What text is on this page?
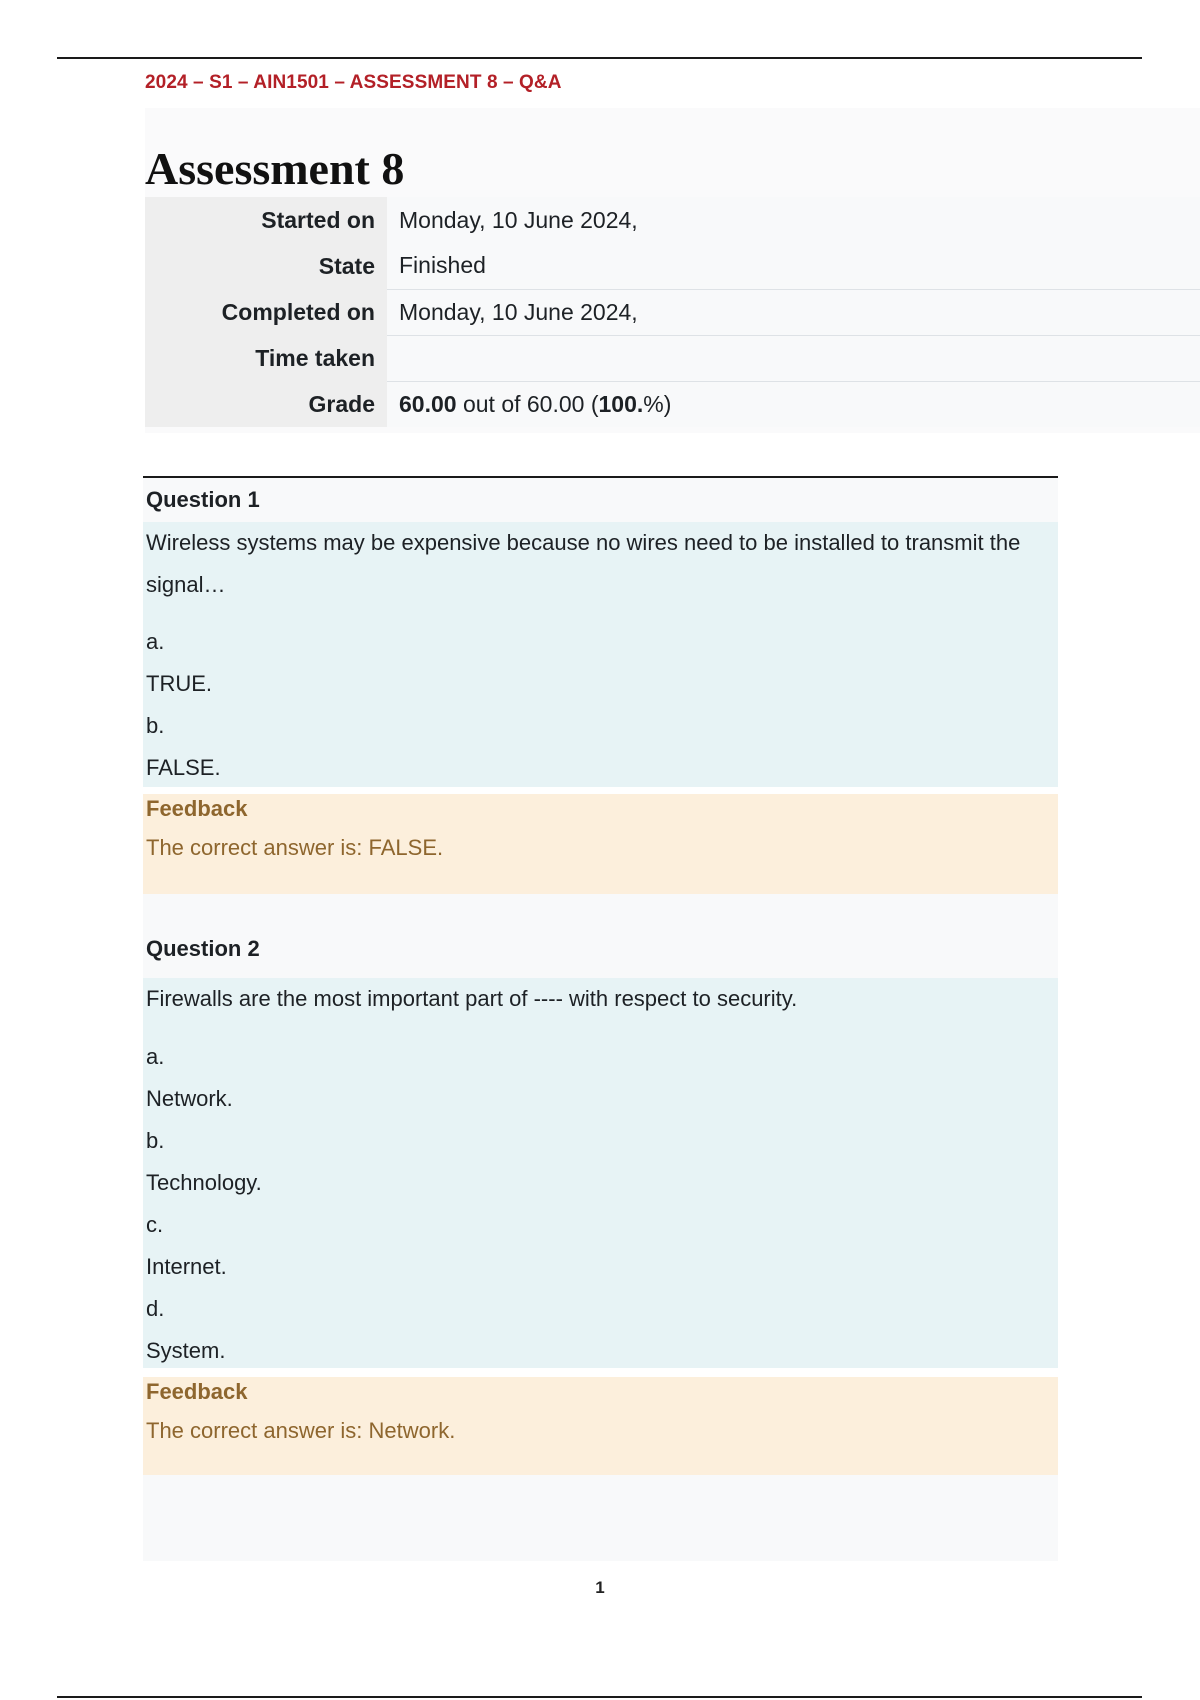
2024 – S1 – AIN1501 – ASSESSMENT 8 – Q&A
Assessment 8
Started on	Monday, 10 June 2024,
State	Finished
Completed on	Monday, 10 June 2024,
Time taken	
Grade	60.00 out of 60.00 (100.%)
Question 1
Wireless systems may be expensive because no wires need to be installed to transmit the signal…
a.
TRUE.
b.
FALSE.
Feedback
The correct answer is: FALSE.
Question 2
Firewalls are the most important part of ---- with respect to security.
a.
Network.
b.
Technology.
c.
Internet.
d.
System.
Feedback
The correct answer is: Network.
1
